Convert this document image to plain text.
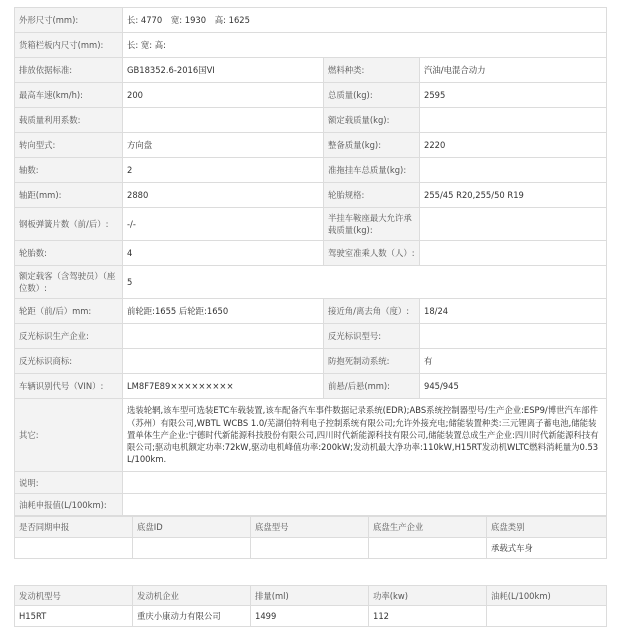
外形尺寸(mm):	长: 4770 宽: 1930 高: 1625		
货箱栏板内尺寸(mm):	长: 宽: 高:		
排放依据标准:	GB18352.6-2016国VI	燃料种类:	汽油/电混合动力
最高车速(km/h):	200	总质量(kg):	2595
载质量利用系数:		额定载质量(kg):	
转向型式:	方向盘	整备质量(kg):	2220
轴数:	2	准拖挂车总质量(kg):	
轴距(mm):	2880	轮胎规格:	255/45 R20,255/50 R19
钢板弹簧片数（前/后）:	-/-	半挂车鞍座最大允许承载质量(kg):	
轮胎数:	4	驾驶室准乘人数（人）:	
额定载客（含驾驶员）（座位数）:	5		
轮距（前/后）mm:	前轮距:1655 后轮距:1650	接近角/离去角（度）:	18/24
反光标识生产企业:		反光标识型号:	
反光标识商标:		防抱死制动系统:	有
车辆识别代号（VIN）:	LM8F7E89×××××××××	前悬/后悬(mm):	945/945
其它:	选装轮辋,该车型可选装ETC车载装置,该车配备汽车事件数据记录系统(EDR);ABS系统控制器型号/生产企业:ESP9/博世汽车部件（苏州）有限公司,WBTL WCBS 1.0/芜湖伯特利电子控制系统有限公司;允许外接充电;储能装置种类:三元锂离子蓄电池,储能装置单体生产企业:宁德时代新能源科技股份有限公司,四川时代新能源科技有限公司,储能装置总成生产企业:四川时代新能源科技有限公司;驱动电机额定功率:72kW,驱动电机峰值功率:200kW;发动机最大净功率:110kW,H15RT发动机WLTC燃料消耗量为0.53L/100km.		
说明:			
油耗申报值(L/100km):			
是否同期申报	底盘ID	底盘型号	底盘生产企业	底盘类别
				承载式车身
发动机型号	发动机企业	排量(ml)	功率(kw)	油耗(L/100km)
H15RT	重庆小康动力有限公司	1499	112	
